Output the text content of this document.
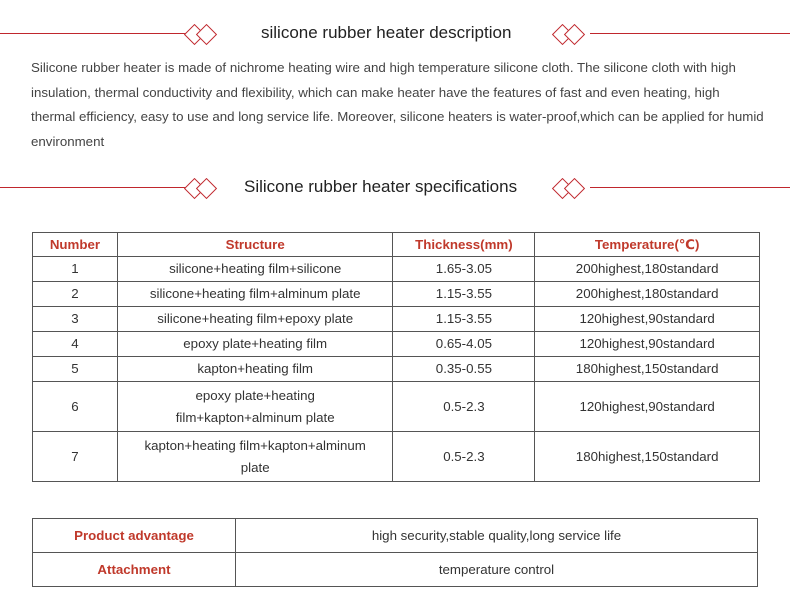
silicone rubber heater description
Silicone rubber heater is made of nichrome heating wire and high temperature silicone cloth. The silicone cloth with high insulation, thermal conductivity and flexibility, which can make heater have the features of fast and even heating, high thermal efficiency, easy to use and long service life. Moreover, silicone heaters is water-proof,which can be applied for humid environment
Silicone rubber heater specifications
Number	Structure	Thickness(mm)	Temperature(℃)
1	silicone+heating film+silicone	1.65-3.05	200highest,180standard
2	silicone+heating film+alminum plate	1.15-3.55	200highest,180standard
3	silicone+heating film+epoxy plate	1.15-3.55	120highest,90standard
4	epoxy plate+heating film	0.65-4.05	120highest,90standard
5	kapton+heating film	0.35-0.55	180highest,150standard
6	epoxy plate+heating film+kapton+alminum plate	0.5-2.3	120highest,90standard
7	kapton+heating film+kapton+alminum plate	0.5-2.3	180highest,150standard
Product advantage	high security,stable quality,long service life
Attachment	temperature control
